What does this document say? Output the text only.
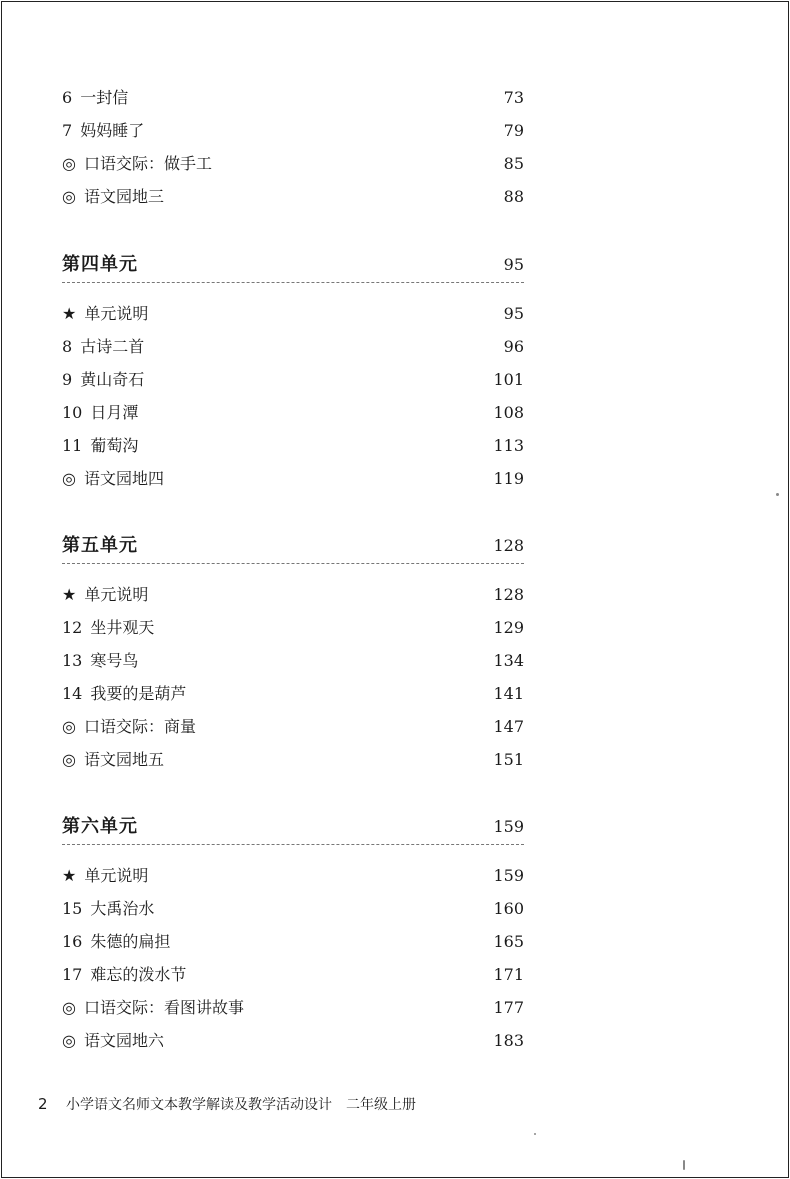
6 一封信	73
7 妈妈睡了	79
◎ 口语交际：做手工	85
◎ 语文园地三	88
第四单元	95
★ 单元说明	95
8 古诗二首	96
9 黄山奇石	101
10 日月潭	108
11 葡萄沟	113
◎ 语文园地四	119
第五单元	128
★ 单元说明	128
12 坐井观天	129
13 寒号鸟	134
14 我要的是葫芦	141
◎ 口语交际：商量	147
◎ 语文园地五	151
第六单元	159
★ 单元说明	159
15 大禹治水	160
16 朱德的扁担	165
17 难忘的泼水节	171
◎ 口语交际：看图讲故事	177
◎ 语文园地六	183
2 小学语文名师文本教学解读及教学活动设计　二年级上册
